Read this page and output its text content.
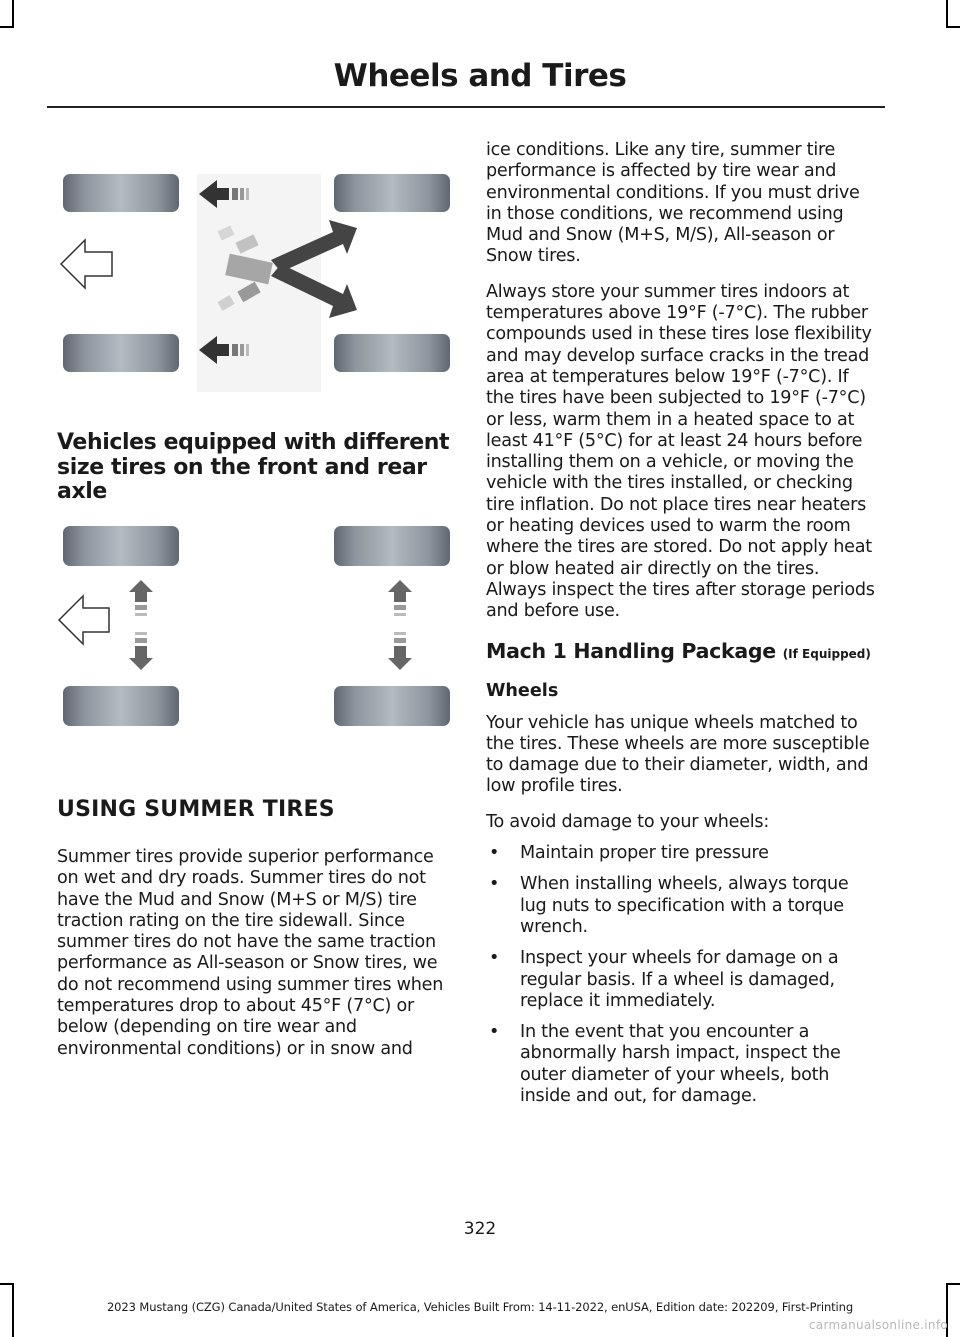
Wheels and Tires
Vehicles equipped with different size tires on the front and rear axle
USING SUMMER TIRES

Summer tires provide superior performance on wet and dry roads. Summer tires do not have the Mud and Snow (M+S or M/S) tire traction rating on the tire sidewall. Since summer tires do not have the same traction performance as All-season or Snow tires, we do not recommend using summer tires when temperatures drop to about 45°F (7°C) or below (depending on tire wear and environmental conditions) or in snow and

ice conditions. Like any tire, summer tire performance is affected by tire wear and environmental conditions. If you must drive in those conditions, we recommend using Mud and Snow (M+S, M/S), All-season or Snow tires.

Always store your summer tires indoors at temperatures above 19°F (-7°C). The rubber compounds used in these tires lose flexibility and may develop surface cracks in the tread area at temperatures below 19°F (-7°C). If the tires have been subjected to 19°F (-7°C) or less, warm them in a heated space to at least 41°F (5°C) for at least 24 hours before installing them on a vehicle, or moving the vehicle with the tires installed, or checking tire inflation. Do not place tires near heaters or heating devices used to warm the room where the tires are stored. Do not apply heat or blow heated air directly on the tires. Always inspect the tires after storage periods and before use.

Mach 1 Handling Package (If Equipped)
Wheels

Your vehicle has unique wheels matched to the tires. These wheels are more susceptible to damage due to their diameter, width, and low profile tires.

To avoid damage to your wheels:

• Maintain proper tire pressure
• When installing wheels, always torque lug nuts to specification with a torque wrench.
• Inspect your wheels for damage on a regular basis. If a wheel is damaged, replace it immediately.
• In the event that you encounter a abnormally harsh impact, inspect the outer diameter of your wheels, both inside and out, for damage.
322
2023 Mustang (CZG) Canada/United States of America, Vehicles Built From: 14-11-2022, enUSA, Edition date: 202209, First-Printing
carmanualsonline.info
